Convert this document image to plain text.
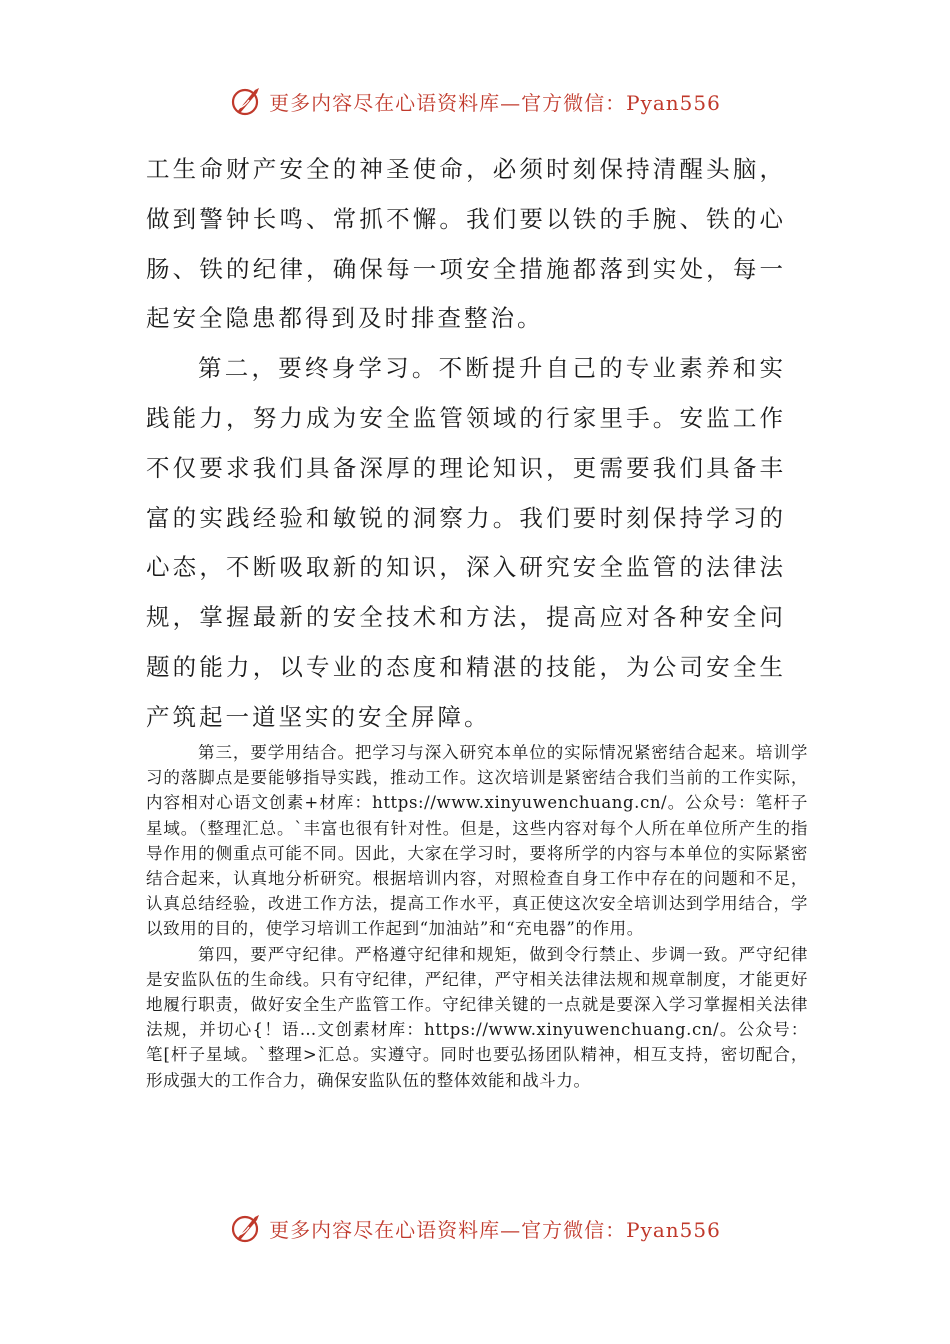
更多内容尽在心语资料库—官方微信：Pyan556

工生命财产安全的神圣使命，必须时刻保持清醒头脑，做到警钟长鸣、常抓不懈。我们要以铁的手腕、铁的心肠、铁的纪律，确保每一项安全措施都落到实处，每一起安全隐患都得到及时排查整治。

第二，要终身学习。不断提升自己的专业素养和实践能力，努力成为安全监管领域的行家里手。安监工作不仅要求我们具备深厚的理论知识，更需要我们具备丰富的实践经验和敏锐的洞察力。我们要时刻保持学习的心态，不断吸取新的知识，深入研究安全监管的法律法规，掌握最新的安全技术和方法，提高应对各种安全问题的能力，以专业的态度和精湛的技能，为公司安全生产筑起一道坚实的安全屏障。

第三，要学用结合。把学习与深入研究本单位的实际情况紧密结合起来。培训学习的落脚点是要能够指导实践，推动工作。这次培训是紧密结合我们当前的工作实际，内容相对心语文创素+材库：https://www.xinyuwenchuang.cn/。公众号：笔杆子星域。（整理汇总。`丰富也很有针对性。但是，这些内容对每个人所在单位所产生的指导作用的侧重点可能不同。因此，大家在学习时，要将所学的内容与本单位的实际紧密结合起来，认真地分析研究。根据培训内容，对照检查自身工作中存在的问题和不足，认真总结经验，改进工作方法，提高工作水平，真正使这次安全培训达到学用结合，学以致用的目的，使学习培训工作起到“加油站”和“充电器”的作用。

第四，要严守纪律。严格遵守纪律和规矩，做到令行禁止、步调一致。严守纪律是安监队伍的生命线。只有守纪律，严纪律，严守相关法律法规和规章制度，才能更好地履行职责，做好安全生产监管工作。守纪律关键的一点就是要深入学习掌握相关法律法规，并切心{！语…文创素材库：https://www.xinyuwenchuang.cn/。公众号：笔[杆子星域。`整理>汇总。实遵守。同时也要弘扬团队精神，相互支持，密切配合，形成强大的工作合力，确保安监队伍的整体效能和战斗力。

更多内容尽在心语资料库—官方微信：Pyan556
